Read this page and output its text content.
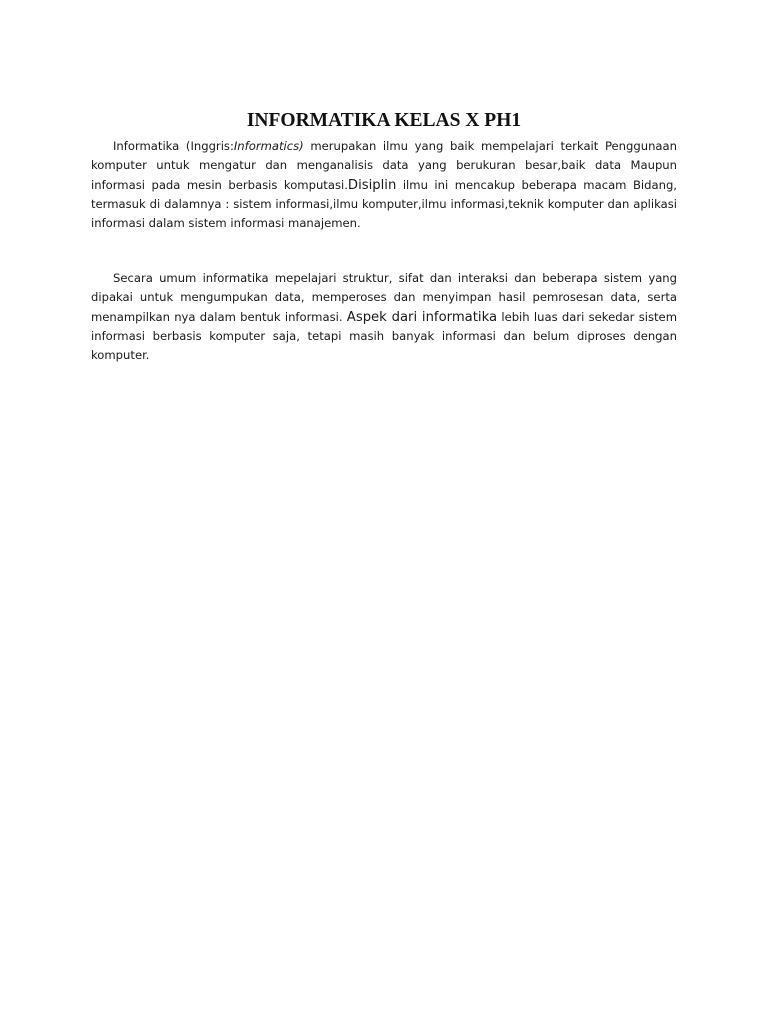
INFORMATIKA KELAS X PH1

Informatika (Inggris:Informatics) merupakan ilmu yang baik mempelajari terkait Penggunaan komputer untuk mengatur dan menganalisis data yang berukuran besar,baik data Maupun informasi pada mesin berbasis komputasi.Disiplin ilmu ini mencakup beberapa macam Bidang, termasuk di dalamnya : sistem informasi,ilmu komputer,ilmu informasi,teknik komputer dan aplikasi informasi dalam sistem informasi manajemen.

Secara umum informatika mepelajari struktur, sifat dan interaksi dan beberapa sistem yang dipakai untuk mengumpukan data, memperoses dan menyimpan hasil pemrosesan data, serta menampilkan nya dalam bentuk informasi. Aspek dari informatika lebih luas dari sekedar sistem informasi berbasis komputer saja, tetapi masih banyak informasi dan belum diproses dengan komputer.
